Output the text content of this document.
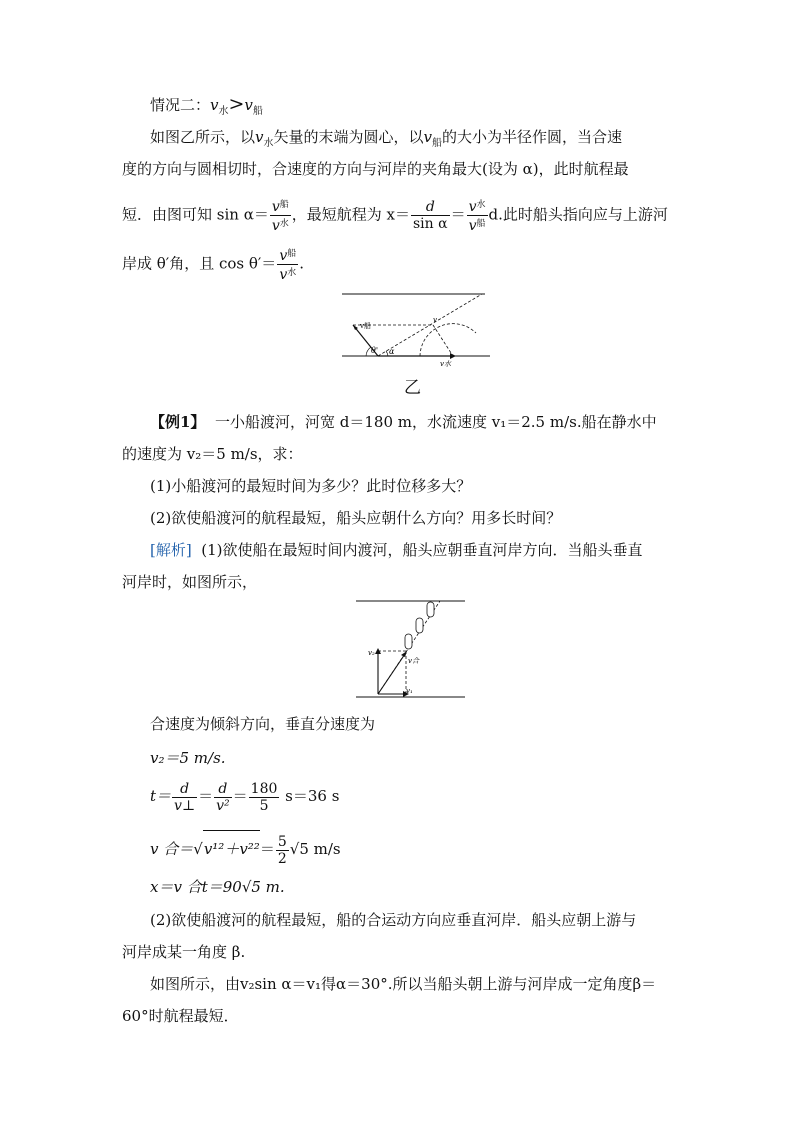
情况二：$v_水>v_船$
如图乙所示，以$v_水$矢量的末端为圆心，以$v_船$的大小为半径作圆，当合速
度的方向与圆相切时，合速度的方向与河岸的夹角最大(设为 α)，此时航程最
短．由图可知 $\sin \alpha= \frac{v^船}{v^水}$ ，最短航程为 $x= \frac{d}{\text{sin α}} = \frac{v^水}{v^船} d$.此时船头指向应与上游河
岸成 θ′角，且 $\cos \theta'= \frac{v^船}{v^水}$ .
v船
v
θ' α
v水
乙
【例1】 一小船渡河，河宽 d＝180 m，水流速度 v₁＝2.5 m/s.船在静水中
的速度为 v₂＝5 m/s，求：
(1)小船渡河的最短时间为多少？此时位移多大？
(2)欲使船渡河的航程最短，船头应朝什么方向？用多长时间？
[解析] (1)欲使船在最短时间内渡河，船头应朝垂直河岸方向．当船头垂直
河岸时，如图所示，
v₂
v合
v₁
合速度为倾斜方向，垂直分速度为
v₂＝5 m/s.
$t= \frac{d}{v\perp} = \frac{d}{\text{v²}} = \frac{180}{5} s=36$ s
v 合$=√v^{12}+v^{22}= \frac{5}{2} √5$ m/s
x＝v 合t＝90√5 m.
(2)欲使船渡河的航程最短，船的合运动方向应垂直河岸．船头应朝上游与
河岸成某一角度 β.
如图所示，由v₂sin α＝v₁得α＝30°.所以当船头朝上游与河岸成一定角度β＝
60°时航程最短．
